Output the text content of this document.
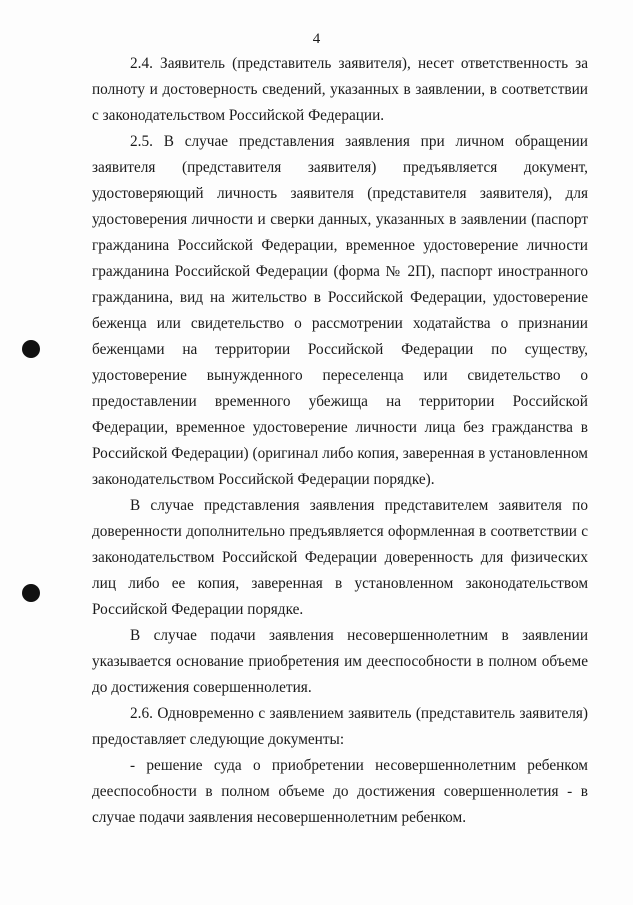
4

2.4. Заявитель (представитель заявителя), несет ответственность за полноту и достоверность сведений, указанных в заявлении, в соответствии с законодательством Российской Федерации.

2.5. В случае представления заявления при личном обращении заявителя (представителя заявителя) предъявляется документ, удостоверяющий личность заявителя (представителя заявителя), для удостоверения личности и сверки данных, указанных в заявлении (паспорт гражданина Российской Федерации, временное удостоверение личности гражданина Российской Федерации (форма № 2П), паспорт иностранного гражданина, вид на жительство в Российской Федерации, удостоверение беженца или свидетельство о рассмотрении ходатайства о признании беженцами на территории Российской Федерации по существу, удостоверение вынужденного переселенца или свидетельство о предоставлении временного убежища на территории Российской Федерации, временное удостоверение личности лица без гражданства в Российской Федерации) (оригинал либо копия, заверенная в установленном законодательством Российской Федерации порядке).

В случае представления заявления представителем заявителя по доверенности дополнительно предъявляется оформленная в соответствии с законодательством Российской Федерации доверенность для физических лиц либо ее копия, заверенная в установленном законодательством Российской Федерации порядке.

В случае подачи заявления несовершеннолетним в заявлении указывается основание приобретения им дееспособности в полном объеме до достижения совершеннолетия.

2.6. Одновременно с заявлением заявитель (представитель заявителя) предоставляет следующие документы:

- решение суда о приобретении несовершеннолетним ребенком дееспособности в полном объеме до достижения совершеннолетия - в случае подачи заявления несовершеннолетним ребенком.
